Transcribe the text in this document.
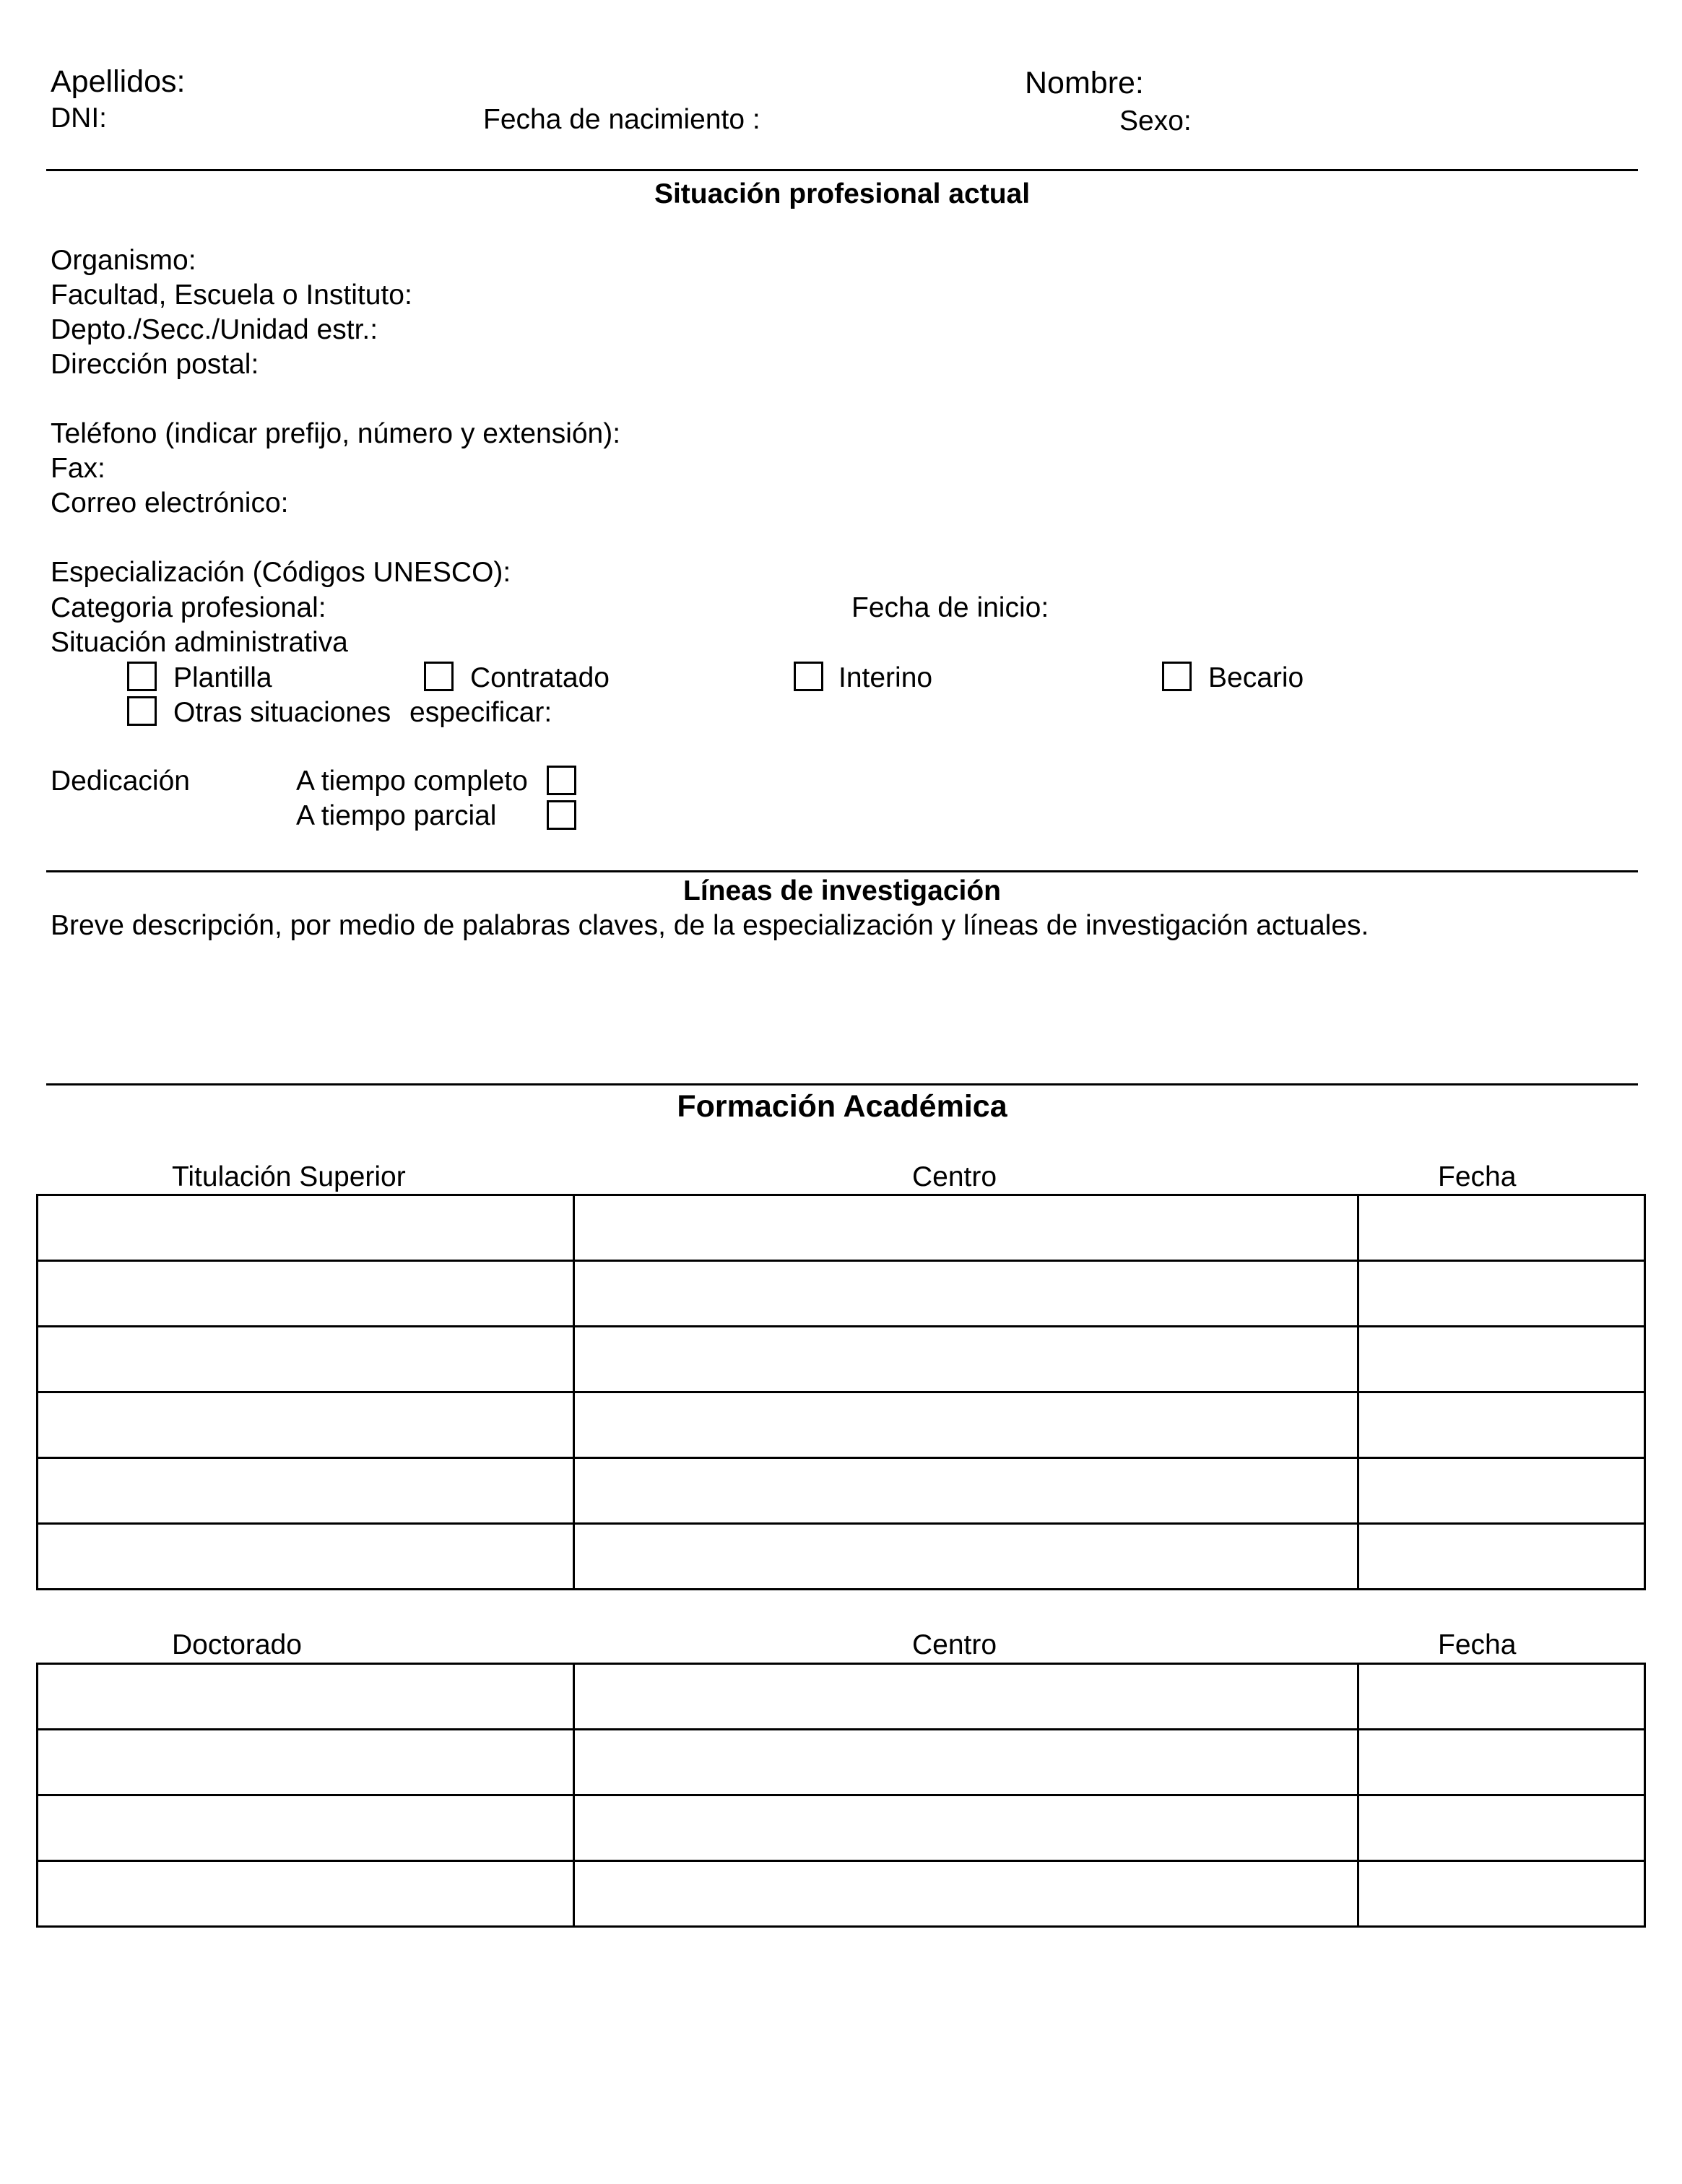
Apellidos:	Nombre:
DNI:	Fecha de nacimiento :	Sexo:
Situación profesional actual
Organismo:
Facultad, Escuela o Instituto:
Depto./Secc./Unidad estr.:
Dirección postal:
Teléfono (indicar prefijo, número y extensión):
Fax:
Correo electrónico:
Especialización (Códigos UNESCO):
Categoria profesional:	Fecha de inicio:
Situación administrativa
Plantilla	Contratado	Interino	Becario
Otras situaciones especificar:
Dedicación	A tiempo completo
A tiempo parcial
Líneas de investigación
Breve descripción, por medio de palabras claves, de la especialización y líneas de investigación actuales.
Formación Académica
Titulación Superior	Centro	Fecha

Doctorado	Centro	Fecha
